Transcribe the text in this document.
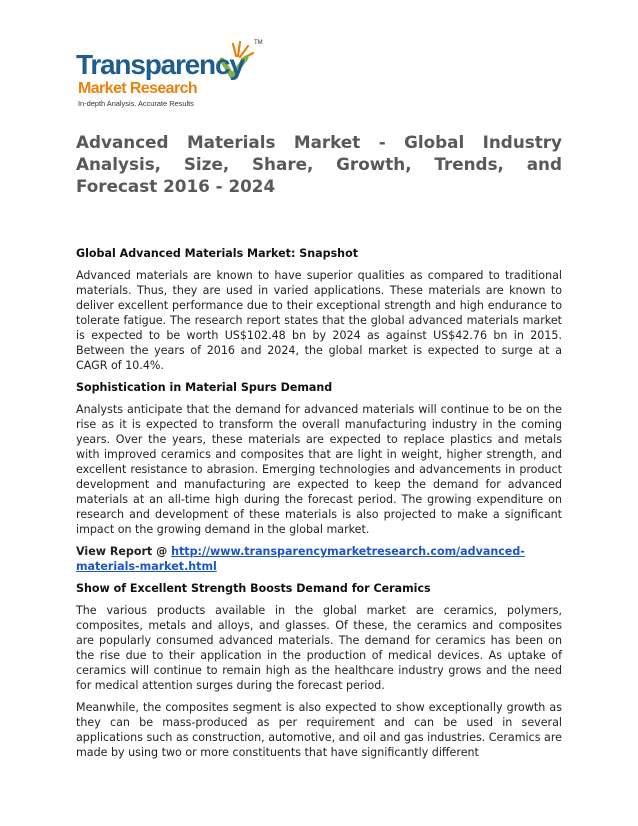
TM
Transparency
Market Research
In-depth Analysis. Accurate Results
Advanced Materials Market - Global Industry Analysis, Size, Share, Growth, Trends, and Forecast 2016 - 2024
Global Advanced Materials Market: Snapshot

Advanced materials are known to have superior qualities as compared to traditional materials. Thus, they are used in varied applications. These materials are known to deliver excellent performance due to their exceptional strength and high endurance to tolerate fatigue. The research report states that the global advanced materials market is expected to be worth US$102.48 bn by 2024 as against US$42.76 bn in 2015. Between the years of 2016 and 2024, the global market is expected to surge at a CAGR of 10.4%.

Sophistication in Material Spurs Demand

Analysts anticipate that the demand for advanced materials will continue to be on the rise as it is expected to transform the overall manufacturing industry in the coming years. Over the years, these materials are expected to replace plastics and metals with improved ceramics and composites that are light in weight, higher strength, and excellent resistance to abrasion. Emerging technologies and advancements in product development and manufacturing are expected to keep the demand for advanced materials at an all-time high during the forecast period. The growing expenditure on research and development of these materials is also projected to make a significant impact on the growing demand in the global market.

View Report @ http://www.transparencymarketresearch.com/advanced-materials-market.html
Show of Excellent Strength Boosts Demand for Ceramics

The various products available in the global market are ceramics, polymers, composites, metals and alloys, and glasses. Of these, the ceramics and composites are popularly consumed advanced materials. The demand for ceramics has been on the rise due to their application in the production of medical devices. As uptake of ceramics will continue to remain high as the healthcare industry grows and the need for medical attention surges during the forecast period.

Meanwhile, the composites segment is also expected to show exceptionally growth as they can be mass-produced as per requirement and can be used in several applications such as construction, automotive, and oil and gas industries. Ceramics are made by using two or more constituents that have significantly different
